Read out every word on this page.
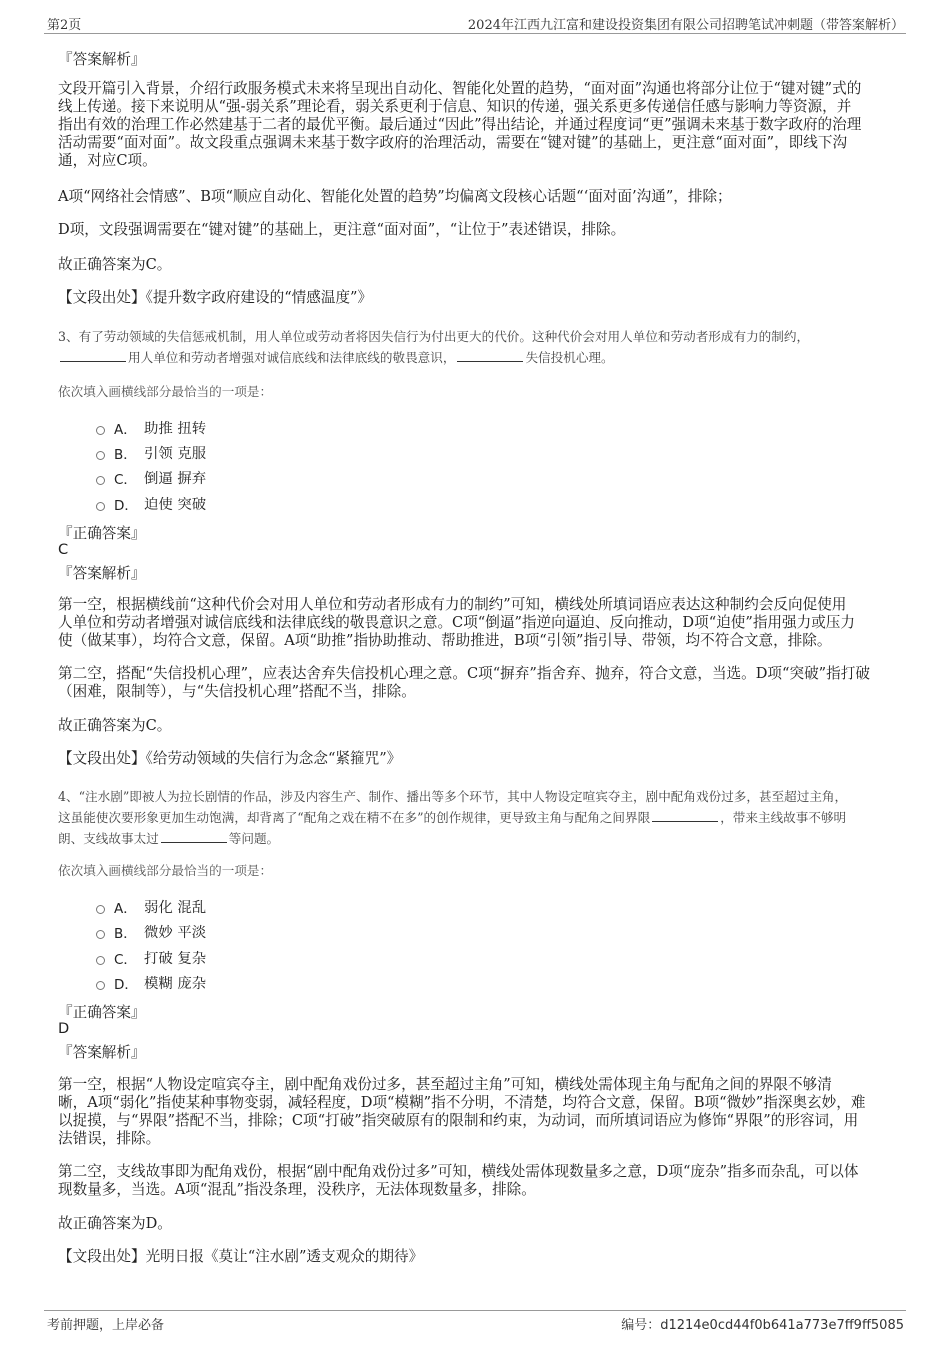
第2页	2024年江西九江富和建设投资集团有限公司招聘笔试冲刺题（带答案解析）
『答案解析』
文段开篇引入背景，介绍行政服务模式未来将呈现出自动化、智能化处置的趋势，“面对面”沟通也将部分让位于“键对键”式的
线上传递。接下来说明从“强-弱关系”理论看，弱关系更利于信息、知识的传递，强关系更多传递信任感与影响力等资源，并
指出有效的治理工作必然建基于二者的最优平衡。最后通过“因此”得出结论，并通过程度词“更”强调未来基于数字政府的治理
活动需要“面对面”。故文段重点强调未来基于数字政府的治理活动，需要在“键对键”的基础上，更注意“面对面”，即线下沟
通，对应C项。
A项“网络社会情感”、B项“顺应自动化、智能化处置的趋势”均偏离文段核心话题“‘面对面’沟通”，排除；
D项，文段强调需要在“键对键”的基础上，更注意“面对面”，“让位于”表述错误，排除。
故正确答案为C。
【文段出处】《提升数字政府建设的“情感温度”》
3、有了劳动领域的失信惩戒机制，用人单位或劳动者将因失信行为付出更大的代价。这种代价会对用人单位和劳动者形成有力的制约，
用人单位和劳动者增强对诚信底线和法律底线的敬畏意识，	失信投机心理。
依次填入画横线部分最恰当的一项是：
A． 助推 扭转
B． 引领 克服
C． 倒逼 摒弃
D． 迫使 突破
『正确答案』
C
『答案解析』
第一空，根据横线前“这种代价会对用人单位和劳动者形成有力的制约”可知，横线处所填词语应表达这种制约会反向促使用
人单位和劳动者增强对诚信底线和法律底线的敬畏意识之意。C项“倒逼”指逆向逼迫、反向推动，D项“迫使”指用强力或压力
使（做某事），均符合文意，保留。A项“助推”指协助推动、帮助推进，B项“引领”指引导、带领，均不符合文意，排除。
第二空，搭配“失信投机心理”，应表达舍弃失信投机心理之意。C项“摒弃”指舍弃、抛弃，符合文意，当选。D项“突破”指打破
（困难，限制等），与“失信投机心理”搭配不当，排除。
故正确答案为C。
【文段出处】《给劳动领域的失信行为念念“紧箍咒”》
4、“注水剧”即被人为拉长剧情的作品，涉及内容生产、制作、播出等多个环节，其中人物设定喧宾夺主，剧中配角戏份过多，甚至超过主角，
这虽能使次要形象更加生动饱满，却背离了“配角之戏在精不在多”的创作规律，更导致主角与配角之间界限	，带来主线故事不够明
朗、支线故事太过	等问题。
依次填入画横线部分最恰当的一项是：
A． 弱化 混乱
B． 微妙 平淡
C． 打破 复杂
D． 模糊 庞杂
『正确答案』
D
『答案解析』
第一空，根据“人物设定喧宾夺主，剧中配角戏份过多，甚至超过主角”可知，横线处需体现主角与配角之间的界限不够清
晰，A项“弱化”指使某种事物变弱，减轻程度，D项“模糊”指不分明，不清楚，均符合文意，保留。B项“微妙”指深奥玄妙，难
以捉摸，与“界限”搭配不当，排除；C项“打破”指突破原有的限制和约束，为动词，而所填词语应为修饰“界限”的形容词，用
法错误，排除。
第二空，支线故事即为配角戏份，根据“剧中配角戏份过多”可知，横线处需体现数量多之意，D项“庞杂”指多而杂乱，可以体
现数量多，当选。A项“混乱”指没条理，没秩序，无法体现数量多，排除。
故正确答案为D。
【文段出处】光明日报《莫让“注水剧”透支观众的期待》
考前押题，上岸必备	编号：d1214e0cd44f0b641a773e7ff9ff5085
